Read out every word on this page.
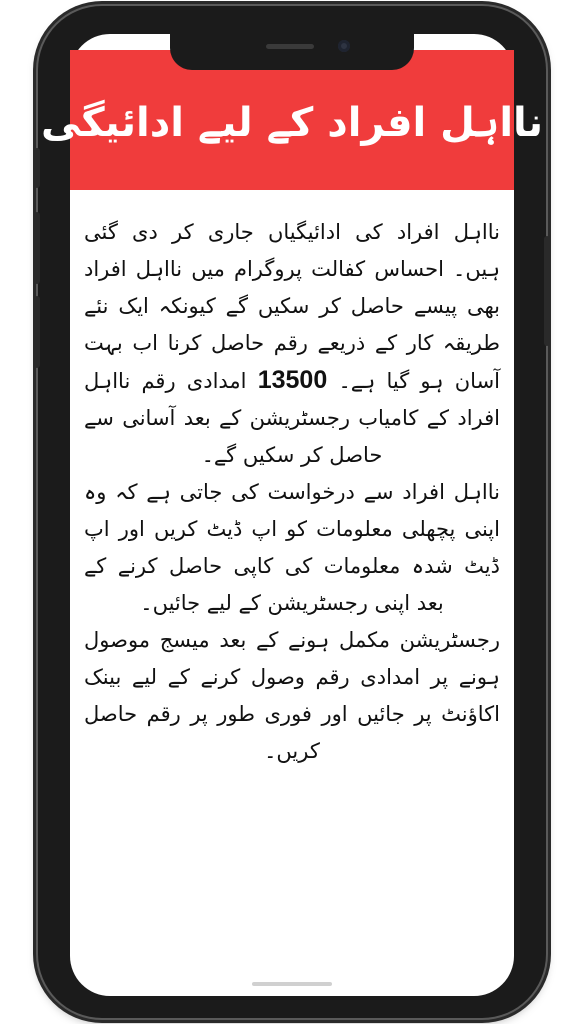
نااہل افراد کے لیے ادائیگی

نااہل افراد کی ادائیگیاں جاری کر دی گئی ہیں۔ احساس کفالت پروگرام میں نااہل افراد بھی پیسے حاصل کر سکیں گے کیونکہ ایک نئے طریقہ کار کے ذریعے رقم حاصل کرنا اب بہت آسان ہو گیا ہے۔ 13500 امدادی رقم نااہل افراد کے کامیاب رجسٹریشن کے بعد آسانی سے حاصل کر سکیں گے۔

نااہل افراد سے درخواست کی جاتی ہے کہ وہ اپنی پچھلی معلومات کو اپ ڈیٹ کریں اور اپ ڈیٹ شدہ معلومات کی کاپی حاصل کرنے کے بعد اپنی رجسٹریشن کے لیے جائیں۔

رجسٹریشن مکمل ہونے کے بعد میسج موصول ہونے پر امدادی رقم وصول کرنے کے لیے بینک اکاؤنٹ پر جائیں اور فوری طور پر رقم حاصل کریں۔
